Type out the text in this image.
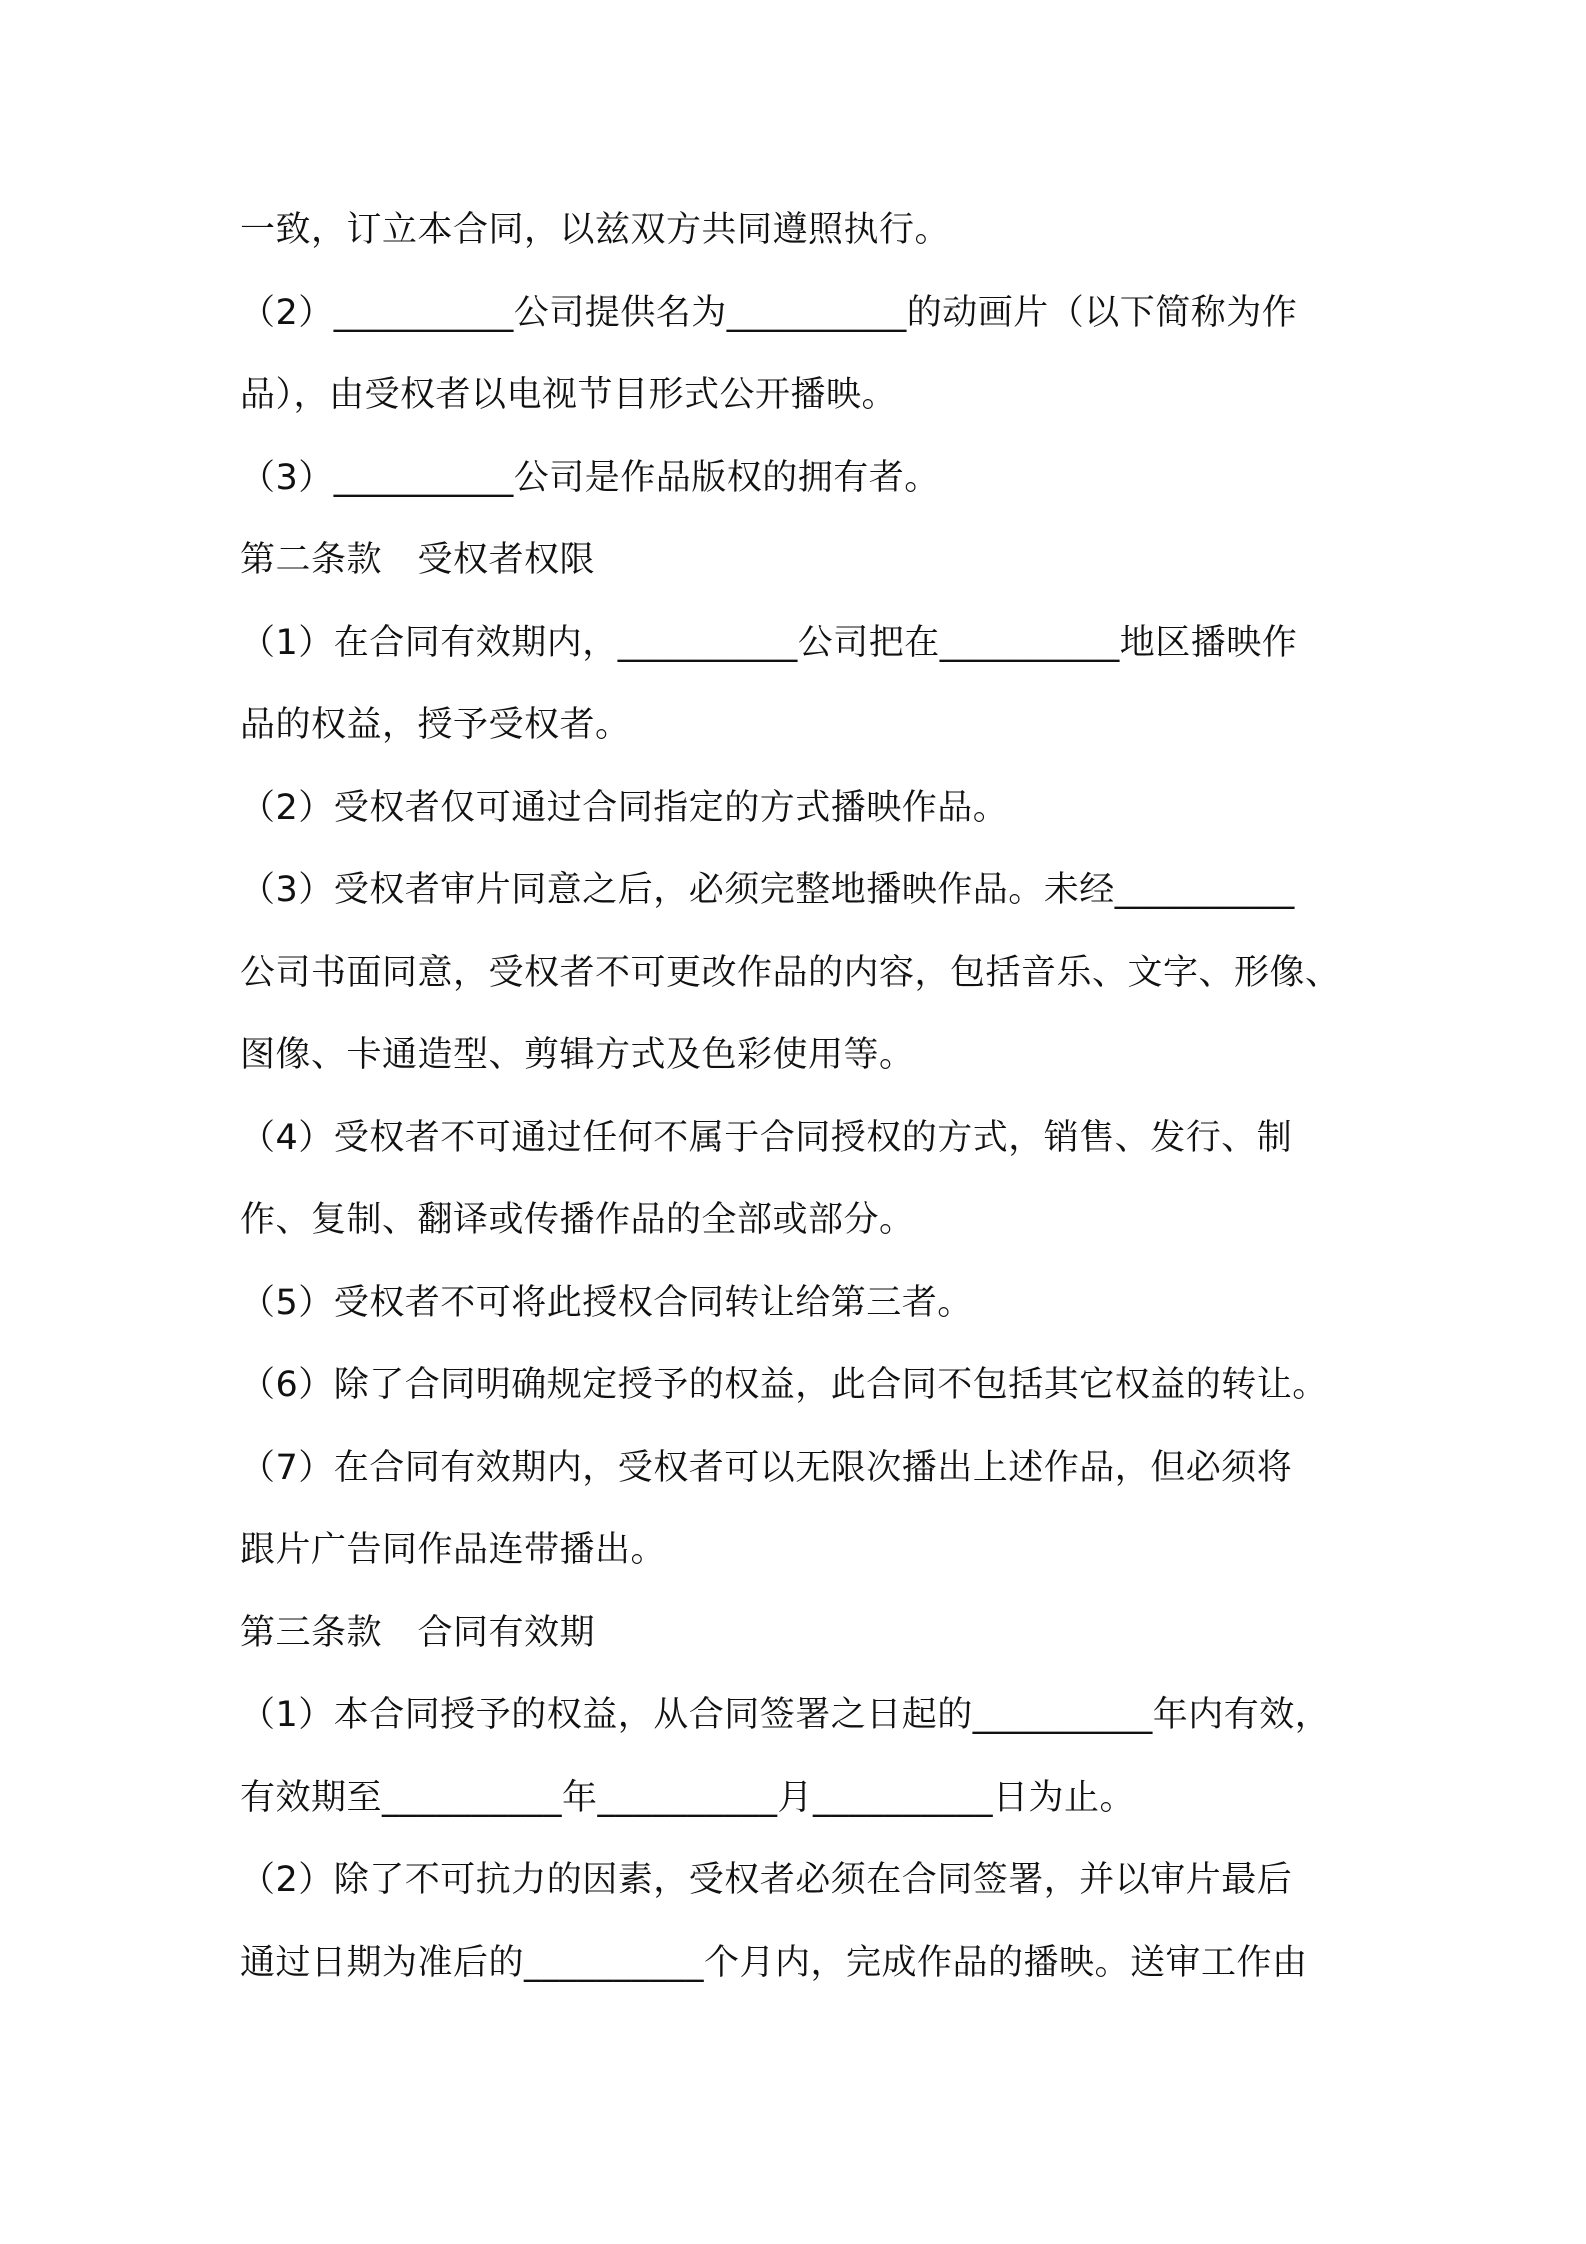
一致，订立本合同，以兹双方共同遵照执行。
（2）__________公司提供名为__________的动画片（以下简称为作
品），由受权者以电视节目形式公开播映。
（3）__________公司是作品版权的拥有者。
第二条款　受权者权限
（1）在合同有效期内，__________公司把在__________地区播映作
品的权益，授予受权者。
（2）受权者仅可通过合同指定的方式播映作品。
（3）受权者审片同意之后，必须完整地播映作品。未经__________
公司书面同意，受权者不可更改作品的内容，包括音乐、文字、形像、
图像、卡通造型、剪辑方式及色彩使用等。
（4）受权者不可通过任何不属于合同授权的方式，销售、发行、制
作、复制、翻译或传播作品的全部或部分。
（5）受权者不可将此授权合同转让给第三者。
（6）除了合同明确规定授予的权益，此合同不包括其它权益的转让。
（7）在合同有效期内，受权者可以无限次播出上述作品，但必须将
跟片广告同作品连带播出。
第三条款　合同有效期
（1）本合同授予的权益，从合同签署之日起的__________年内有效，
有效期至__________年__________月__________日为止。
（2）除了不可抗力的因素，受权者必须在合同签署，并以审片最后
通过日期为准后的__________个月内，完成作品的播映。送审工作由
